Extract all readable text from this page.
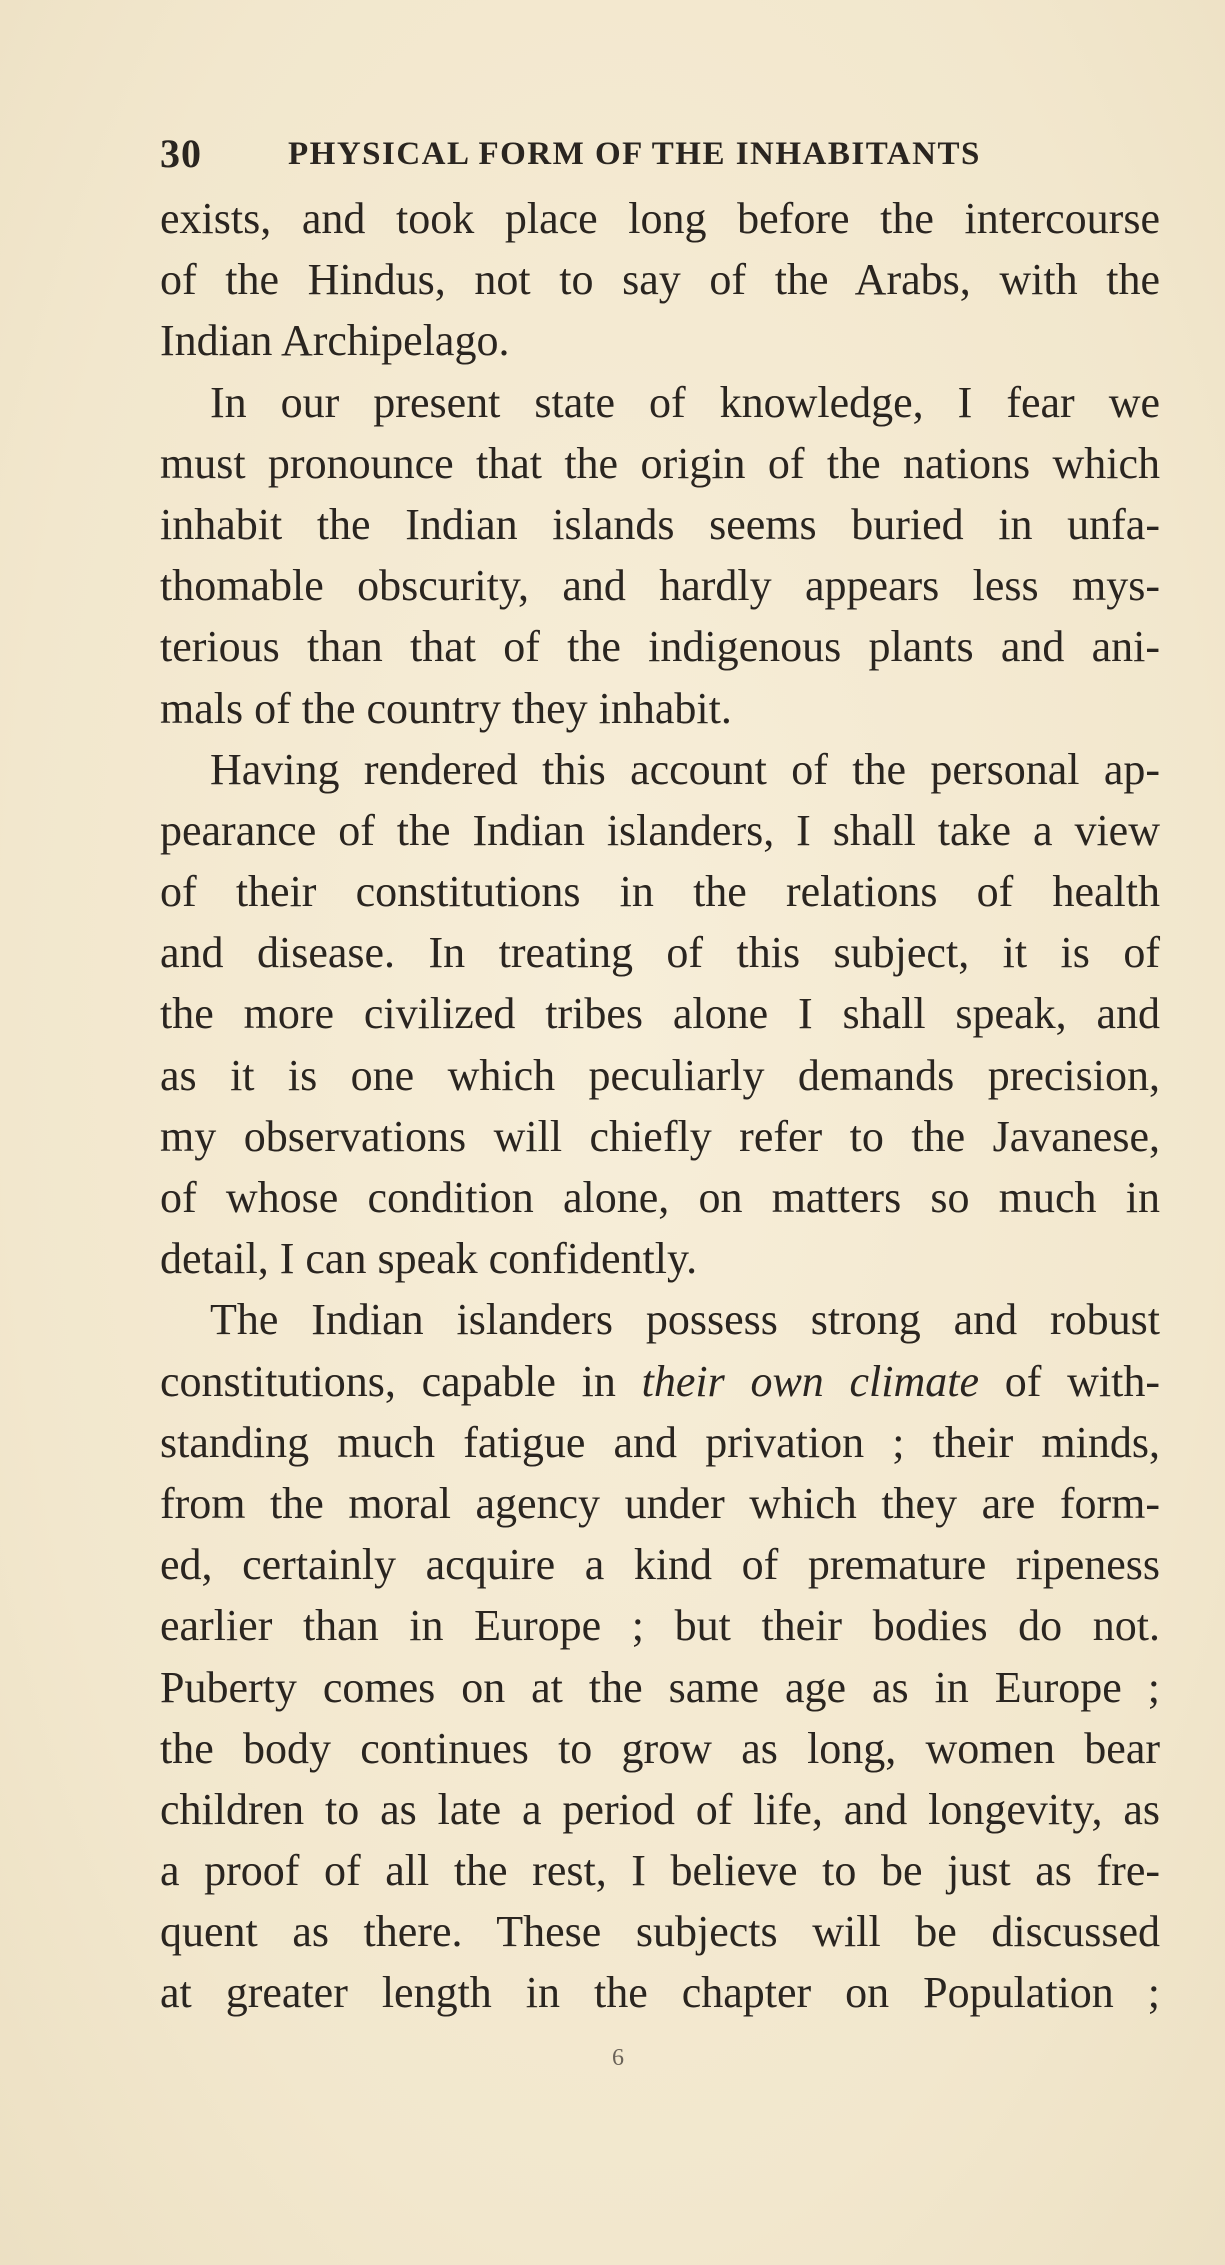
30	PHYSICAL FORM OF THE INHABITANTS
exists, and took place long before the intercourse
of the Hindus, not to say of the Arabs, with the
Indian Archipelago.
In our present state of knowledge, I fear we
must pronounce that the origin of the nations which
inhabit the Indian islands seems buried in unfa-
thomable obscurity, and hardly appears less mys-
terious than that of the indigenous plants and ani-
mals of the country they inhabit.
Having rendered this account of the personal ap-
pearance of the Indian islanders, I shall take a view
of their constitutions in the relations of health
and disease. In treating of this subject, it is of
the more civilized tribes alone I shall speak, and
as it is one which peculiarly demands precision,
my observations will chiefly refer to the Javanese,
of whose condition alone, on matters so much in
detail, I can speak confidently.
The Indian islanders possess strong and robust
constitutions, capable in their own climate of with-
standing much fatigue and privation ; their minds,
from the moral agency under which they are form-
ed, certainly acquire a kind of premature ripeness
earlier than in Europe ; but their bodies do not.
Puberty comes on at the same age as in Europe ;
the body continues to grow as long, women bear
children to as late a period of life, and longevity, as
a proof of all the rest, I believe to be just as fre-
quent as there. These subjects will be discussed
at greater length in the chapter on Population ;
6
